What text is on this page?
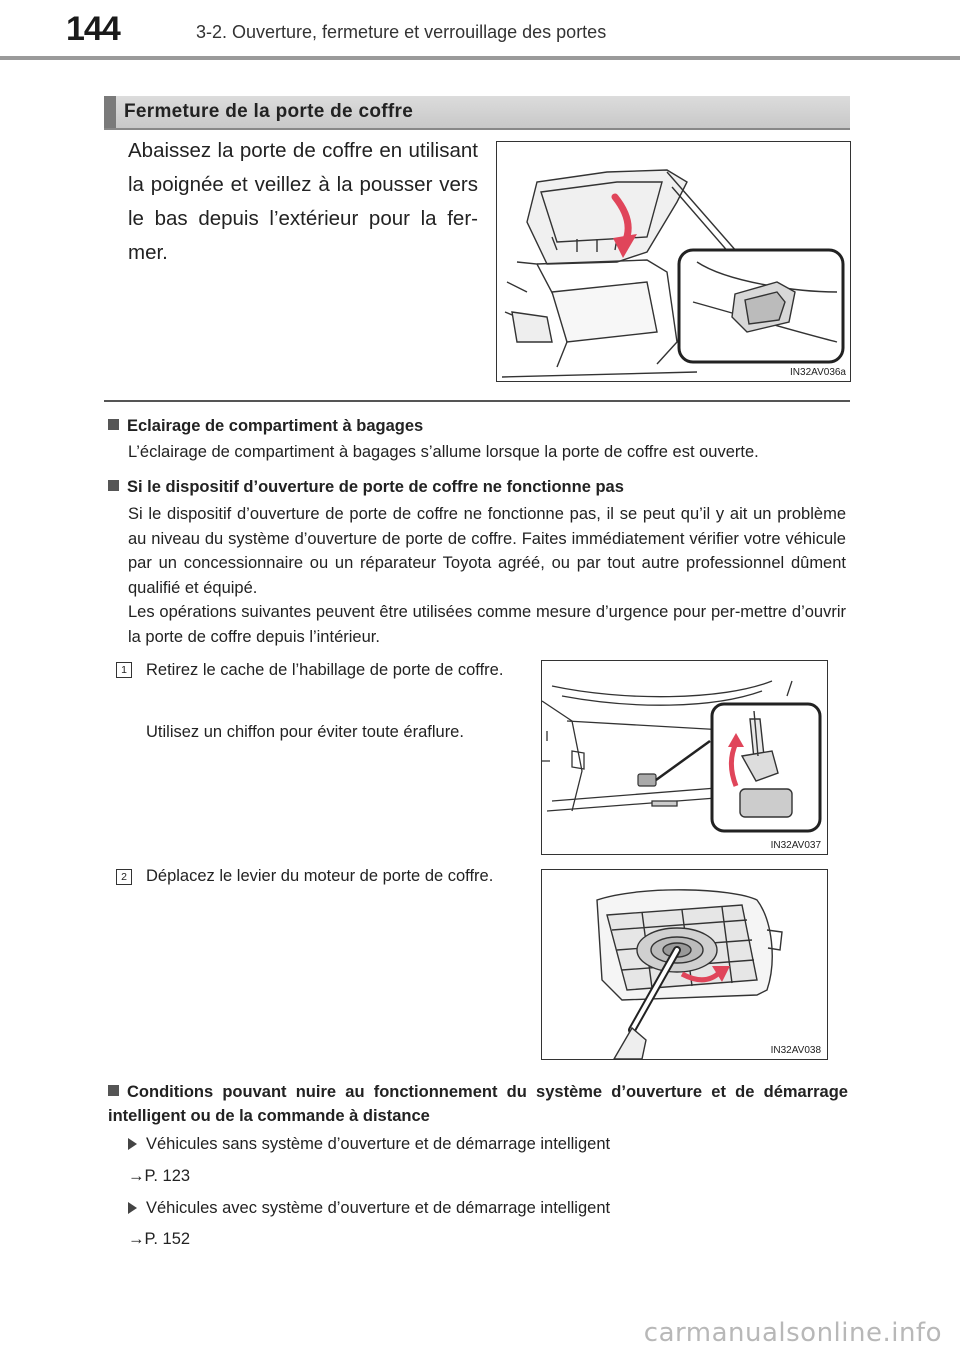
144	3-2. Ouverture, fermeture et verrouillage des portes
Fermeture de la porte de coffre
Abaissez la porte de coffre en utilisant la poignée et veillez à la pousser vers le bas depuis l’extérieur pour la fer-mer.
IN32AV036a
Eclairage de compartiment à bagages
L’éclairage de compartiment à bagages s’allume lorsque la porte de coffre est ouverte.
Si le dispositif d’ouverture de porte de coffre ne fonctionne pas
Si le dispositif d’ouverture de porte de coffre ne fonctionne pas, il se peut qu’il y ait un problème au niveau du système d’ouverture de porte de coffre. Faites immédiatement vérifier votre véhicule par un concessionnaire ou un réparateur Toyota agréé, ou par tout autre professionnel dûment qualifié et équipé.
Les opérations suivantes peuvent être utilisées comme mesure d’urgence pour per-mettre d’ouvrir la porte de coffre depuis l’intérieur.
1	Retirez le cache de l’habillage de porte de coffre.
Utilisez un chiffon pour éviter toute éraflure.
IN32AV037
2	Déplacez le levier du moteur de porte de coffre.
IN32AV038
Conditions pouvant nuire au fonctionnement du système d’ouverture et de démarrage intelligent ou de la commande à distance
Véhicules sans système d’ouverture et de démarrage intelligent
→P. 123
Véhicules avec système d’ouverture et de démarrage intelligent
→P. 152
carmanualsonline.info
